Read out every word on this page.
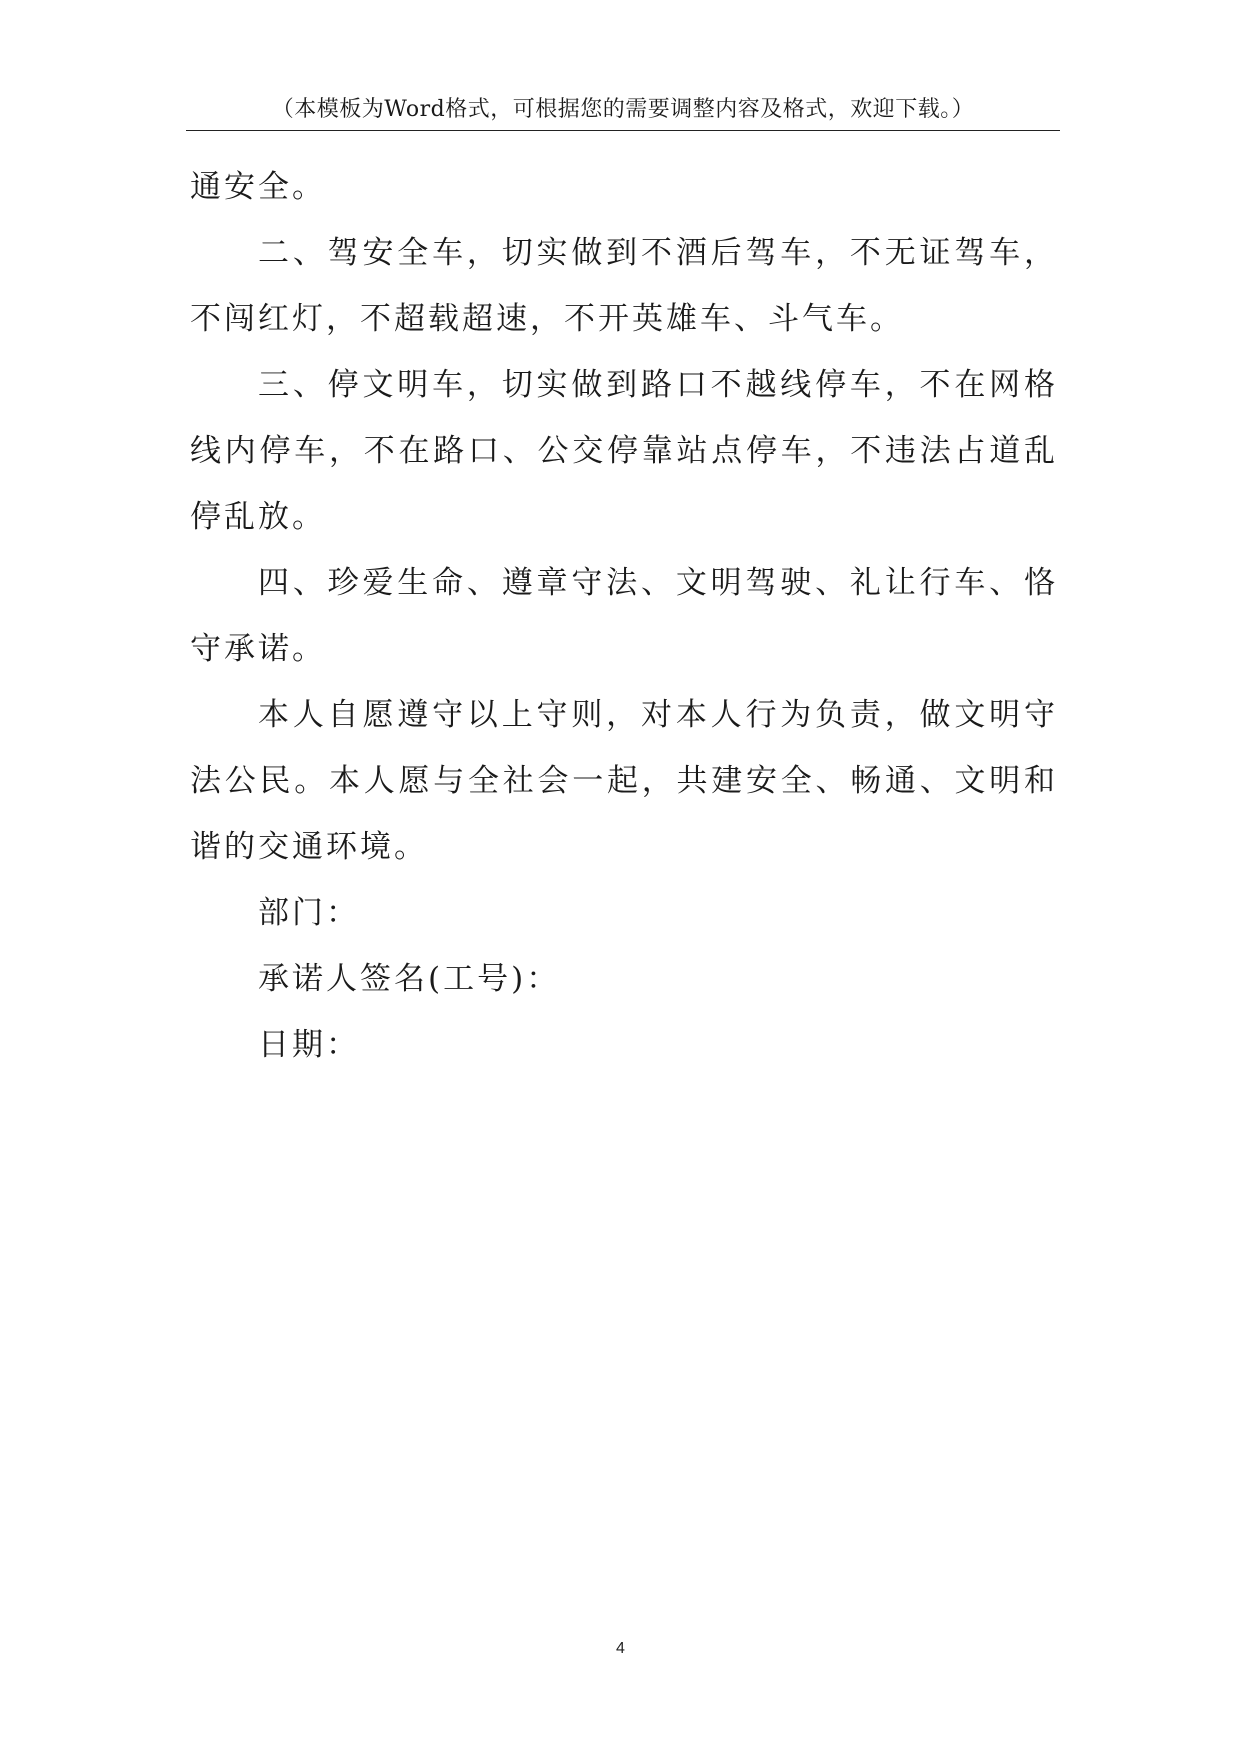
（本模板为Word格式，可根据您的需要调整内容及格式，欢迎下载。）

通安全。

二、驾安全车，切实做到不酒后驾车，不无证驾车，不闯红灯，不超载超速，不开英雄车、斗气车。

三、停文明车，切实做到路口不越线停车，不在网格线内停车，不在路口、公交停靠站点停车，不违法占道乱停乱放。

四、珍爱生命、遵章守法、文明驾驶、礼让行车、恪守承诺。

本人自愿遵守以上守则，对本人行为负责，做文明守法公民。本人愿与全社会一起，共建安全、畅通、文明和谐的交通环境。

部门：

承诺人签名(工号)：

日期：

4
